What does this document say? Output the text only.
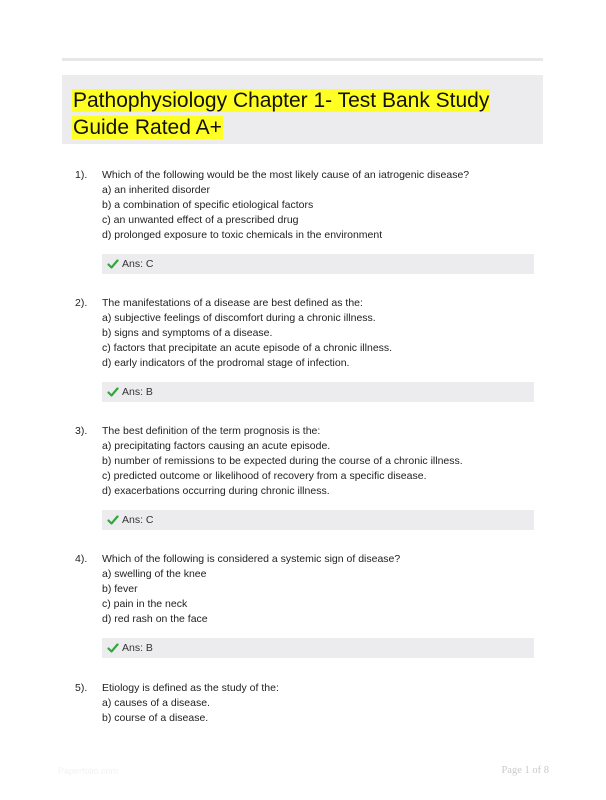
Pathophysiology Chapter 1- Test Bank Study
Guide Rated A+
1). Which of the following would be the most likely cause of an iatrogenic disease?
a) an inherited disorder
b) a combination of specific etiological factors
c) an unwanted effect of a prescribed drug
d) prolonged exposure to toxic chemicals in the environment
Ans: C
2). The manifestations of a disease are best defined as the:
a) subjective feelings of discomfort during a chronic illness.
b) signs and symptoms of a disease.
c) factors that precipitate an acute episode of a chronic illness.
d) early indicators of the prodromal stage of infection.
Ans: B
3). The best definition of the term prognosis is the:
a) precipitating factors causing an acute episode.
b) number of remissions to be expected during the course of a chronic illness.
c) predicted outcome or likelihood of recovery from a specific disease.
d) exacerbations occurring during chronic illness.
Ans: C
4). Which of the following is considered a systemic sign of disease?
a) swelling of the knee
b) fever
c) pain in the neck
d) red rash on the face
Ans: B
5). Etiology is defined as the study of the:
a) causes of a disease.
b) course of a disease.
Paperfolio.com	Page 1 of 8
